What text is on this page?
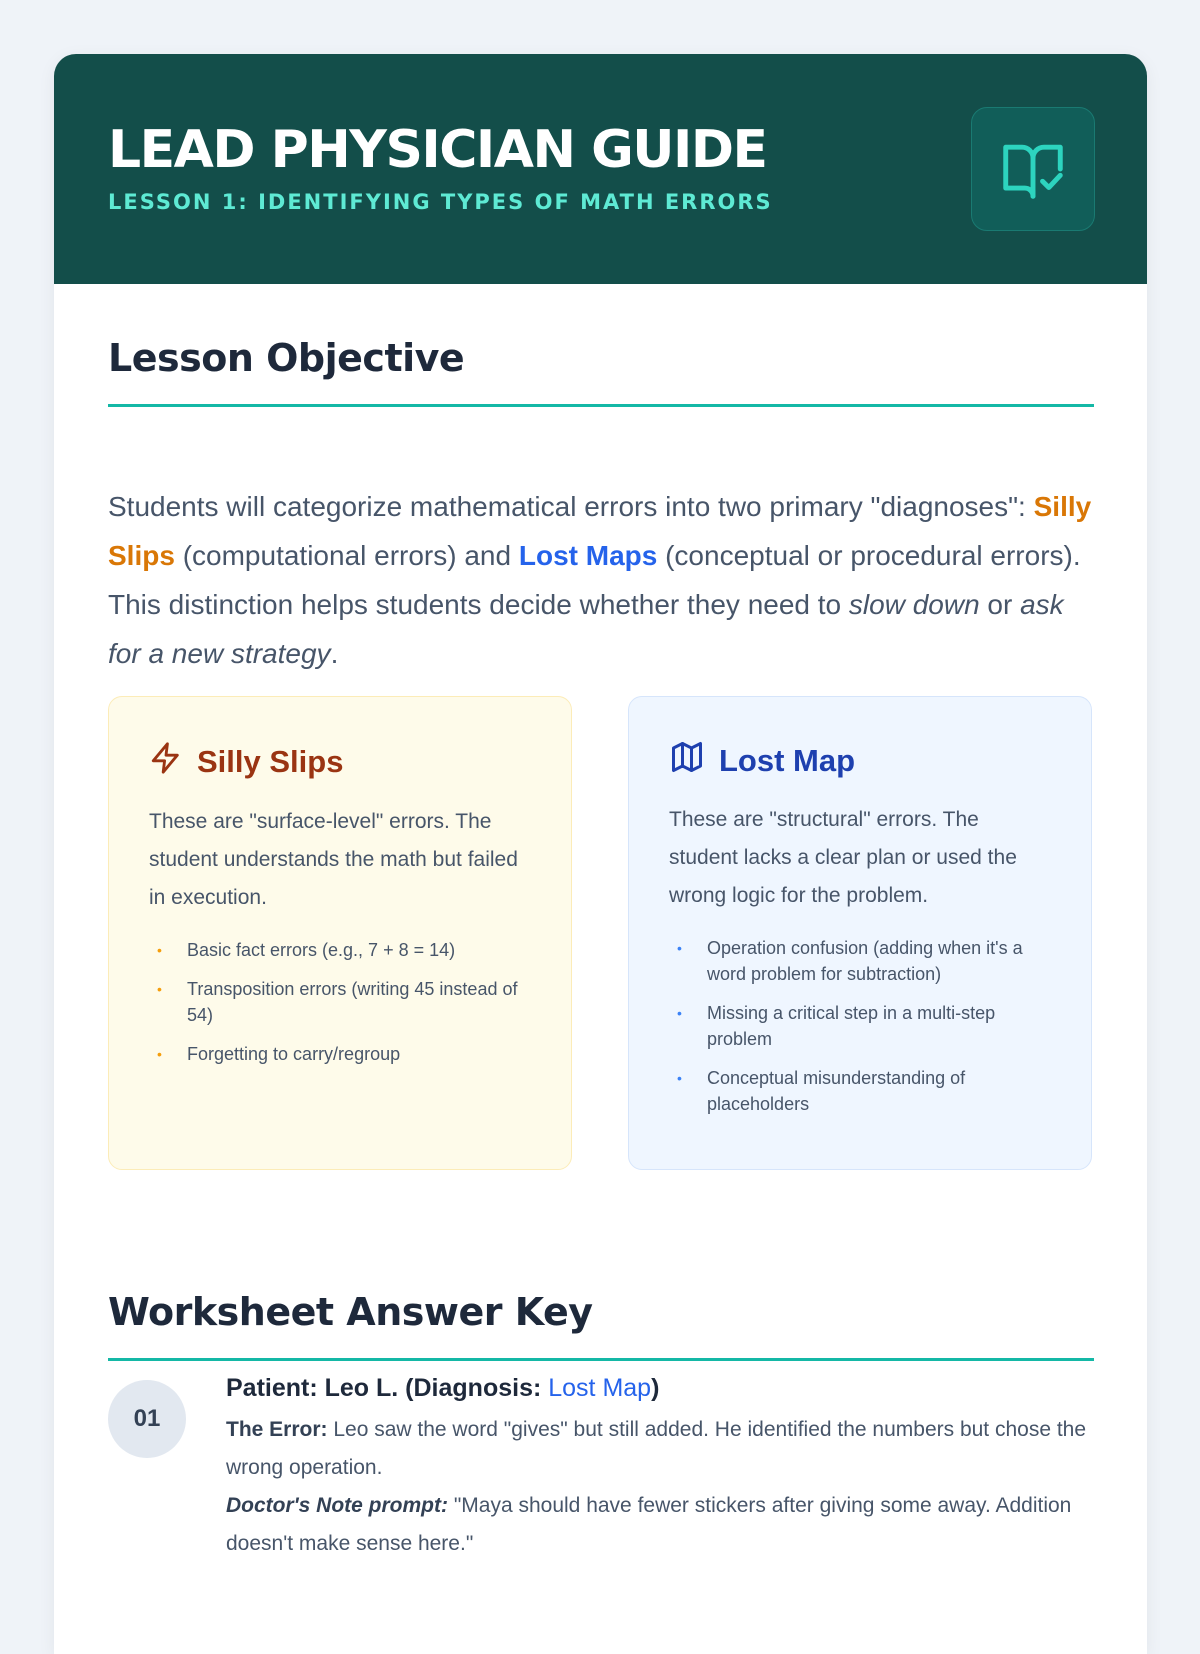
LEAD PHYSICIAN GUIDE
LESSON 1: IDENTIFYING TYPES OF MATH ERRORS
Lesson Objective

Students will categorize mathematical errors into two primary "diagnoses": Silly Slips (computational errors) and Lost Maps (conceptual or procedural errors). This distinction helps students decide whether they need to slow down or ask for a new strategy.

Silly Slips

These are "surface-level" errors. The student understands the math but failed in execution.

• Basic fact errors (e.g., 7 + 8 = 14)
• Transposition errors (writing 45 instead of 54)
• Forgetting to carry/regroup
Lost Map

These are "structural" errors. The student lacks a clear plan or used the wrong logic for the problem.

• Operation confusion (adding when it's a word problem for subtraction)
• Missing a critical step in a multi-step problem
• Conceptual misunderstanding of placeholders
Worksheet Answer Key
01

Patient: Leo L. (Diagnosis: Lost Map)

The Error: Leo saw the word "gives" but still added. He identified the numbers but chose the wrong operation.
Doctor's Note prompt: "Maya should have fewer stickers after giving some away. Addition doesn't make sense here."
